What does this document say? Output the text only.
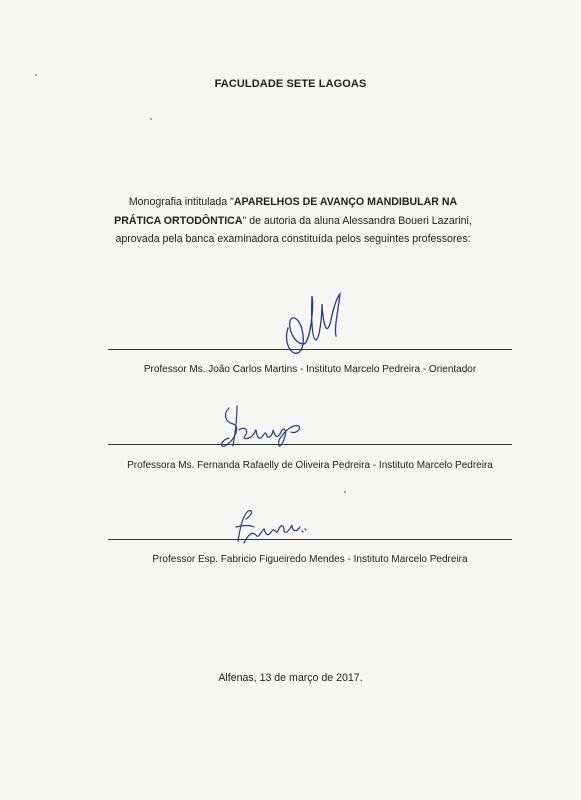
FACULDADE SETE LAGOAS
Monografia intitulada "APARELHOS DE AVANÇO MANDIBULAR NA PRÁTICA ORTODÔNTICA" de autoria da aluna Alessandra Boueri Lazarini, aprovada pela banca examinadora constituída pelos seguintes professores:
Professor Ms. João Carlos Martins - Instituto Marcelo Pedreira - Orientador
Professora Ms. Fernanda Rafaelly de Oliveira Pedreira - Instituto Marcelo Pedreira
Professor Esp. Fabricio Figueiredo Mendes - Instituto Marcelo Pedreira
Alfenas, 13 de março de 2017.
